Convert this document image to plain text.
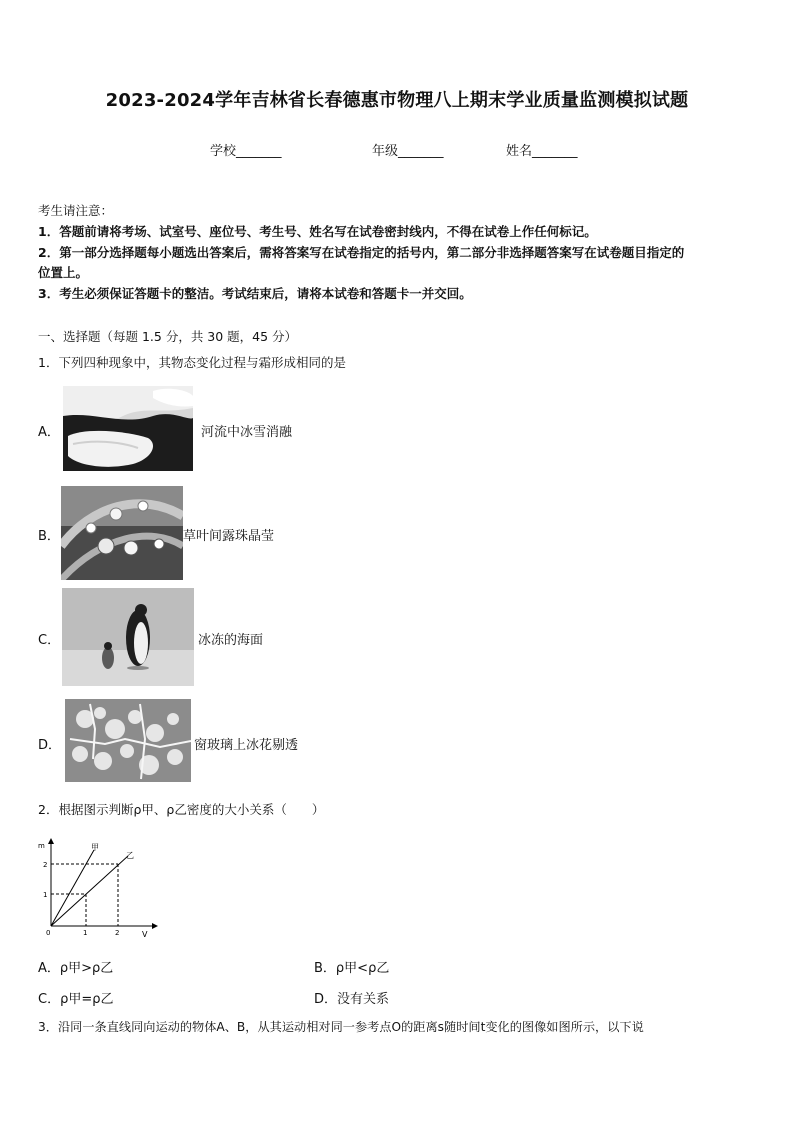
2023-2024学年吉林省长春德惠市物理八上期末学业质量监测模拟试题
学校_______	年级_______	姓名_______
考生请注意：
1．答题前请将考场、试室号、座位号、考生号、姓名写在试卷密封线内，不得在试卷上作任何标记。
2．第一部分选择题每小题选出答案后，需将答案写在试卷指定的括号内，第二部分非选择题答案写在试卷题目指定的
位置上。
3．考生必须保证答题卡的整洁。考试结束后，请将本试卷和答题卡一并交回。
一、选择题（每题 1.5 分，共 30 题，45 分）
1．下列四种现象中，其物态变化过程与霜形成相同的是
A．	河流中冰雪消融
B．	草叶间露珠晶莹
C．	冰冻的海面
D．	窗玻璃上冰花剔透
2．根据图示判断ρ甲、ρ乙密度的大小关系（　　）
m
V
0	1	2
1
2
甲
乙
A．ρ甲>ρ乙	B．ρ甲<ρ乙
C．ρ甲=ρ乙	D．没有关系
3．沿同一条直线同向运动的物体A、B，从其运动相对同一参考点O的距离s随时间t变化的图像如图所示，以下说
